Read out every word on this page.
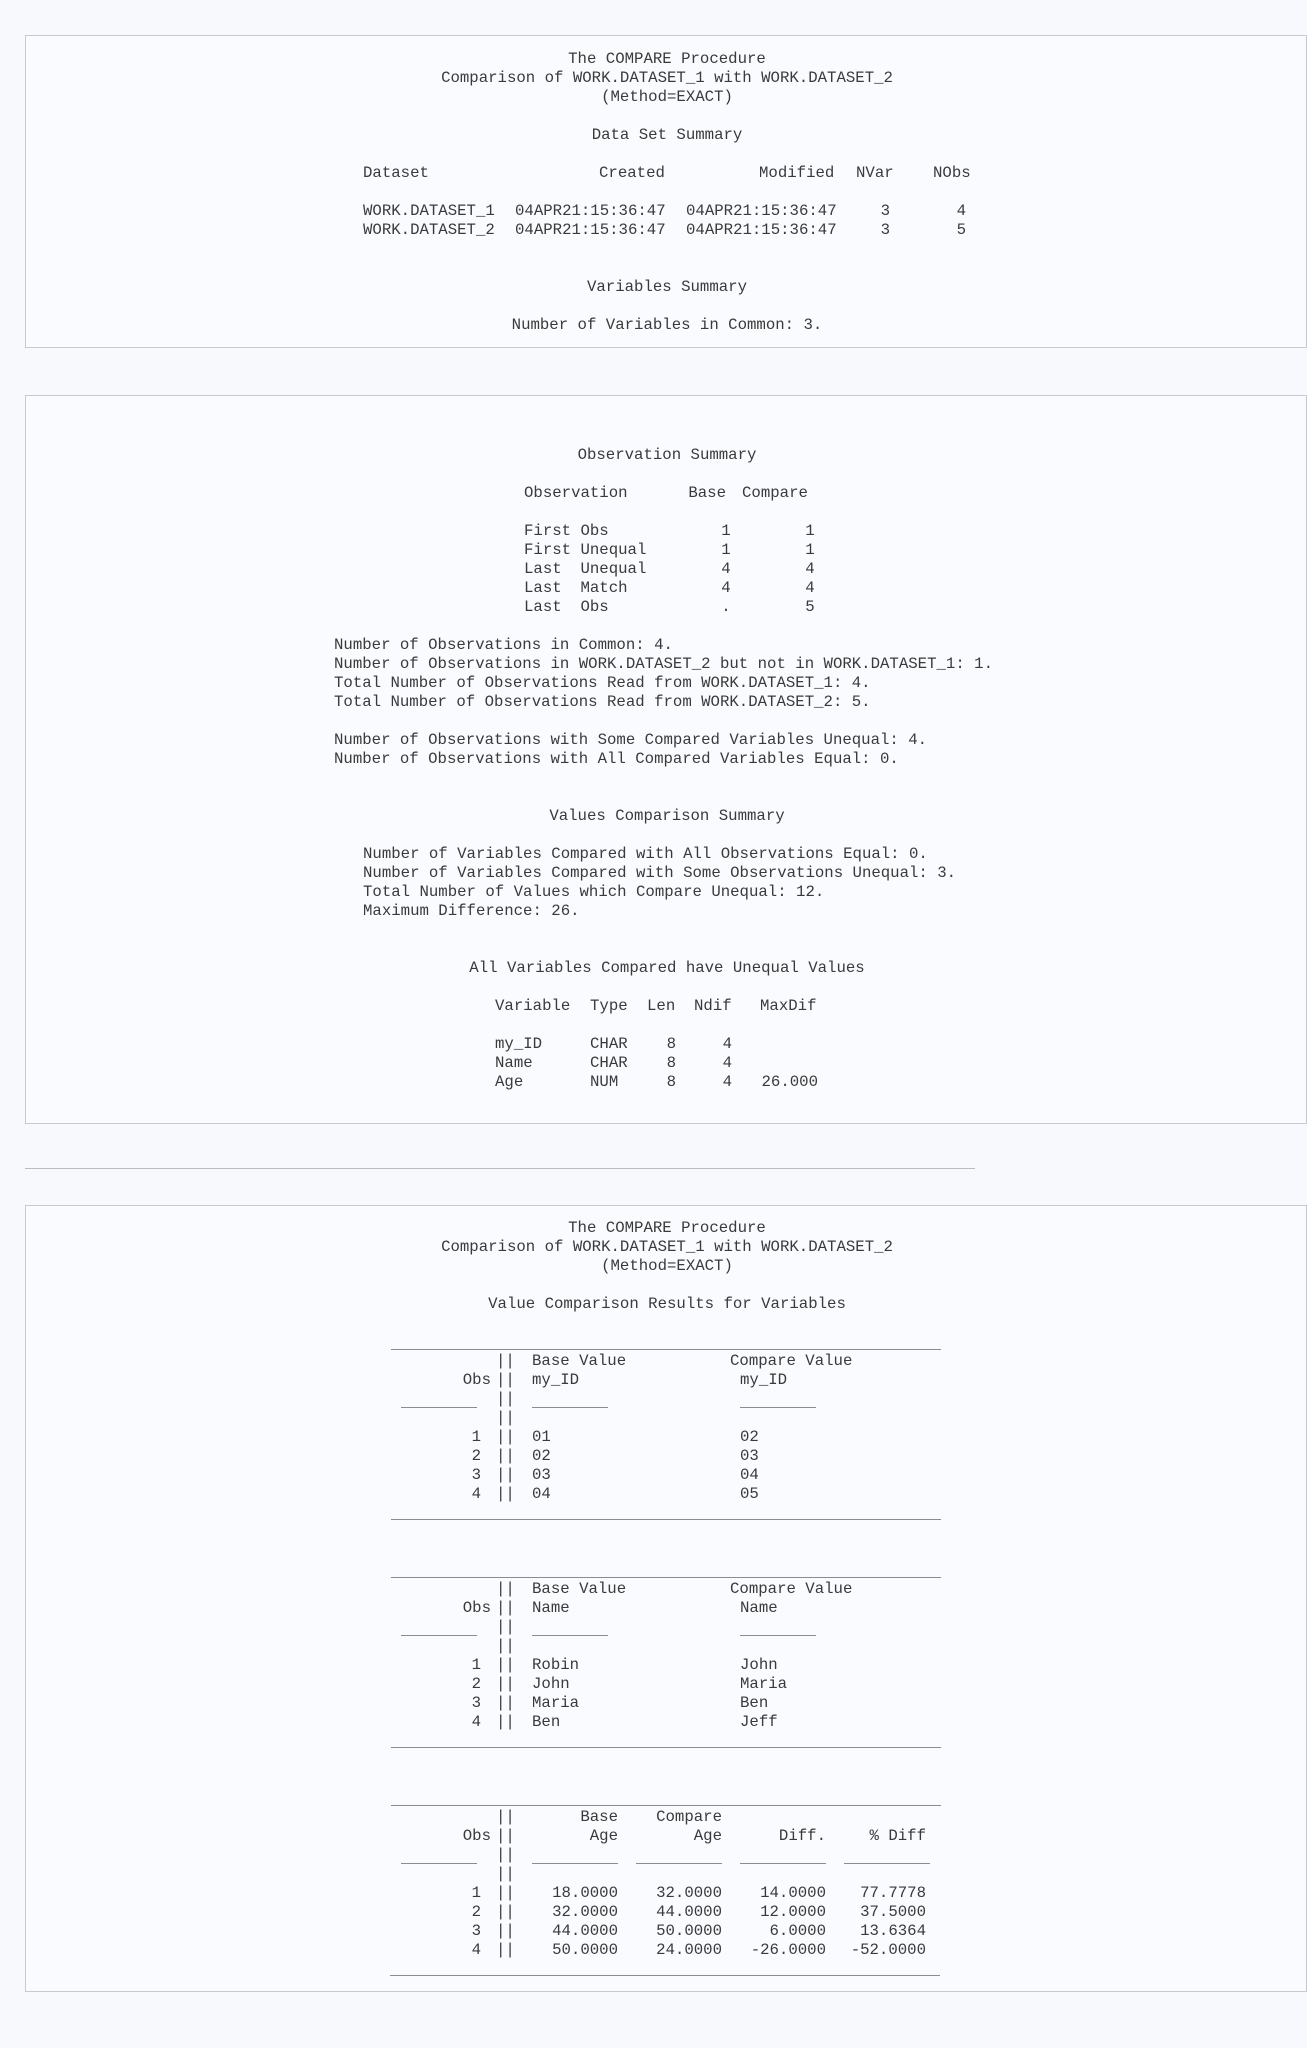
The COMPARE Procedure
Comparison of WORK.DATASET_1 with WORK.DATASET_2
(Method=EXACT)
Data Set Summary
Dataset	Created	Modified NVar	NObs
WORK.DATASET_1 04APR21:15:36:47 04APR21:15:36:47	3	4
WORK.DATASET_2 04APR21:15:36:47 04APR21:15:36:47	3	5
Variables Summary
Number of Variables in Common: 3.
Observation Summary
Observation	Base Compare
First Obs	1	1
First Unequal	1	1
Last  Unequal	4	4
Last  Match	4	4
Last  Obs	.	5
Number of Observations in Common: 4.
Number of Observations in WORK.DATASET_2 but not in WORK.DATASET_1: 1.
Total Number of Observations Read from WORK.DATASET_1: 4.
Total Number of Observations Read from WORK.DATASET_2: 5.
Number of Observations with Some Compared Variables Unequal: 4.
Number of Observations with All Compared Variables Equal: 0.
Values Comparison Summary
Number of Variables Compared with All Observations Equal: 0.
Number of Variables Compared with Some Observations Unequal: 3.
Total Number of Values which Compare Unequal: 12.
Maximum Difference: 26.
All Variables Compared have Unequal Values
Variable Type Len Ndif MaxDif
my_ID	CHAR	8	4
Name	CHAR	8	4
Age	NUM	8	4	26.000
The COMPARE Procedure
Comparison of WORK.DATASET_1 with WORK.DATASET_2
(Method=EXACT)
Value Comparison Results for Variables
|| Base Value	Compare Value
Obs || my_ID	my_ID
||
||
1 || 01	02
2 || 02	03
3 || 03	04
4 || 04	05
|| Base Value	Compare Value
Obs || Name	Name
||
||
1 || Robin	John
2 || John	Maria
3 || Maria	Ben
4 || Ben	Jeff
||	Base	Compare
Obs ||	Age	Age	Diff.	% Diff
||
||
1 ||	18.0000	32.0000	14.0000	77.7778
2 ||	32.0000	44.0000	12.0000	37.5000
3 ||	44.0000	50.0000	6.0000	13.6364
4 ||	50.0000	24.0000	-26.0000	-52.0000
